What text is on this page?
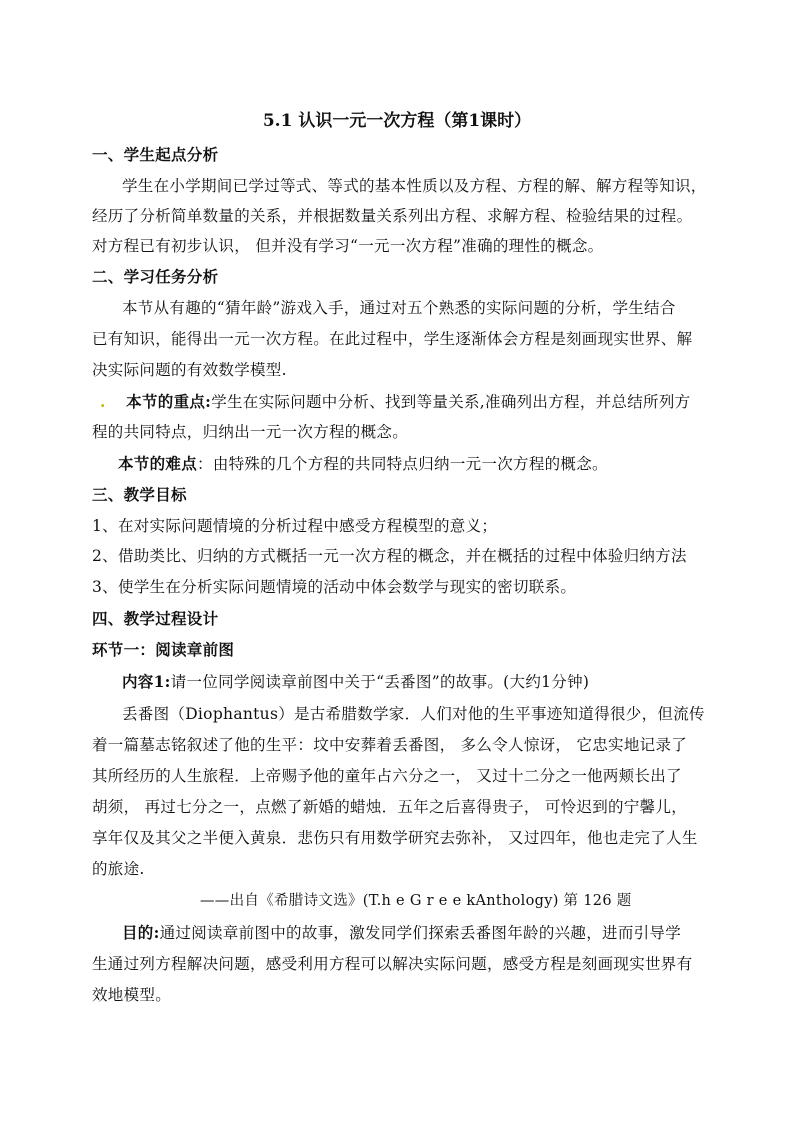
5.1 认识一元一次方程（第1课时）
一、学生起点分析
学生在小学期间已学过等式、等式的基本性质以及方程、方程的解、解方程等知识，
经历了分析简单数量的关系，并根据数量关系列出方程、求解方程、检验结果的过程。
对方程已有初步认识， 但并没有学习“一元一次方程”准确的理性的概念。
二、学习任务分析
本节从有趣的“猜年龄”游戏入手，通过对五个熟悉的实际问题的分析，学生结合
已有知识，能得出一元一次方程。在此过程中，学生逐渐体会方程是刻画现实世界、解
决实际问题的有效数学模型.
. 本节的重点:学生在实际问题中分析、找到等量关系,准确列出方程，并总结所列方
程的共同特点，归纳出一元一次方程的概念。
本节的难点：由特殊的几个方程的共同特点归纳一元一次方程的概念。
三、教学目标
1、在对实际问题情境的分析过程中感受方程模型的意义；
2、借助类比、归纳的方式概括一元一次方程的概念，并在概括的过程中体验归纳方法
3、使学生在分析实际问题情境的活动中体会数学与现实的密切联系。
四、教学过程设计
环节一：阅读章前图
内容1:请一位同学阅读章前图中关于“丢番图”的故事。(大约1分钟)
丢番图（Diophantus）是古希腊数学家．人们对他的生平事迹知道得很少，但流传
着一篇墓志铭叙述了他的生平：坟中安葬着丢番图， 多么令人惊讶， 它忠实地记录了
其所经历的人生旅程．上帝赐予他的童年占六分之一， 又过十二分之一他两颊长出了
胡须， 再过七分之一，点燃了新婚的蜡烛．五年之后喜得贵子， 可怜迟到的宁馨儿，
享年仅及其父之半便入黄泉．悲伤只有用数学研究去弥补， 又过四年，他也走完了人生
的旅途.
——出自《希腊诗文选》(T.h e G r e e kAnthology) 第 126 题
目的:通过阅读章前图中的故事，激发同学们探索丢番图年龄的兴趣，进而引导学
生通过列方程解决问题，感受利用方程可以解决实际问题，感受方程是刻画现实世界有
效地模型。
